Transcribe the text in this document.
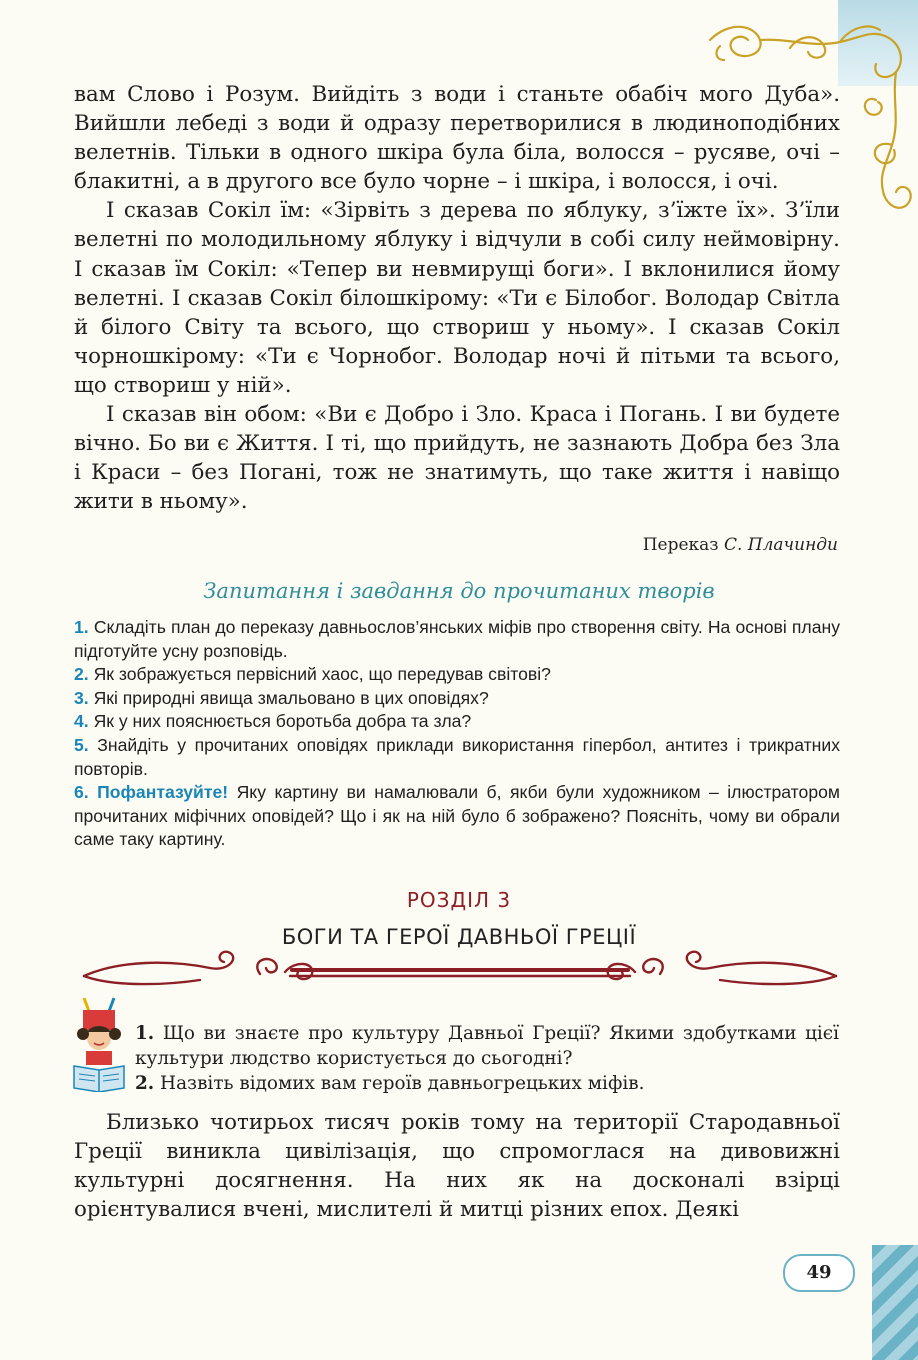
вам Слово і Розум. Вийдіть з води і станьте обабіч мого Дуба». Вийшли лебеді з води й одразу перетворилися в людиноподібних велетнів. Тільки в одного шкіра була біла, волосся – русяве, очі – блакитні, а в другого все було чорне – і шкіра, і волосся, і очі.

І сказав Сокіл їм: «Зірвіть з дерева по яблуку, з’їжте їх». З’їли велетні по молодильному яблуку і відчули в собі силу неймовірну. І сказав їм Сокіл: «Тепер ви невмирущі боги». І вклонилися йому велетні. І сказав Сокіл білошкірому: «Ти є Білобог. Володар Світла й білого Світу та всього, що створиш у ньому». І сказав Сокіл чорношкірому: «Ти є Чорнобог. Володар ночі й пітьми та всього, що створиш у ній».

І сказав він обом: «Ви є Добро і Зло. Краса і Погань. І ви будете вічно. Бо ви є Життя. І ті, що прийдуть, не зазнають Добра без Зла і Краси – без Погані, тож не знатимуть, що таке життя і навіщо жити в ньому».

Переказ С. Плачинди
Запитання і завдання до прочитаних творів

1. Складіть план до переказу давньослов’янських міфів про створення світу. На основі плану підготуйте усну розповідь.

2. Як зображується первісний хаос, що передував світові?

3. Які природні явища змальовано в цих оповідях?

4. Як у них пояснюється боротьба добра та зла?

5. Знайдіть у прочитаних оповідях приклади використання гіпербол, антитез і трикратних повторів.

6. Пофантазуйте! Яку картину ви намалювали б, якби були художником – ілюстратором прочитаних міфічних оповідей? Що і як на ній було б зображено? Поясніть, чому ви обрали саме таку картину.

РОЗДІЛ 3
БОГИ ТА ГЕРОЇ ДАВНЬОЇ ГРЕЦІЇ

1. Що ви знаєте про культуру Давньої Греції? Якими здобутками цієї культури людство користується до сьогодні?

2. Назвіть відомих вам героїв давньогрецьких міфів.

Близько чотирьох тисяч років тому на території Стародавньої Греції виникла цивілізація, що спромоглася на дивовижні культурні досягнення. На них як на досконалі взірці орієнтувалися вчені, мислителі й митці різних епох. Деякі

49
